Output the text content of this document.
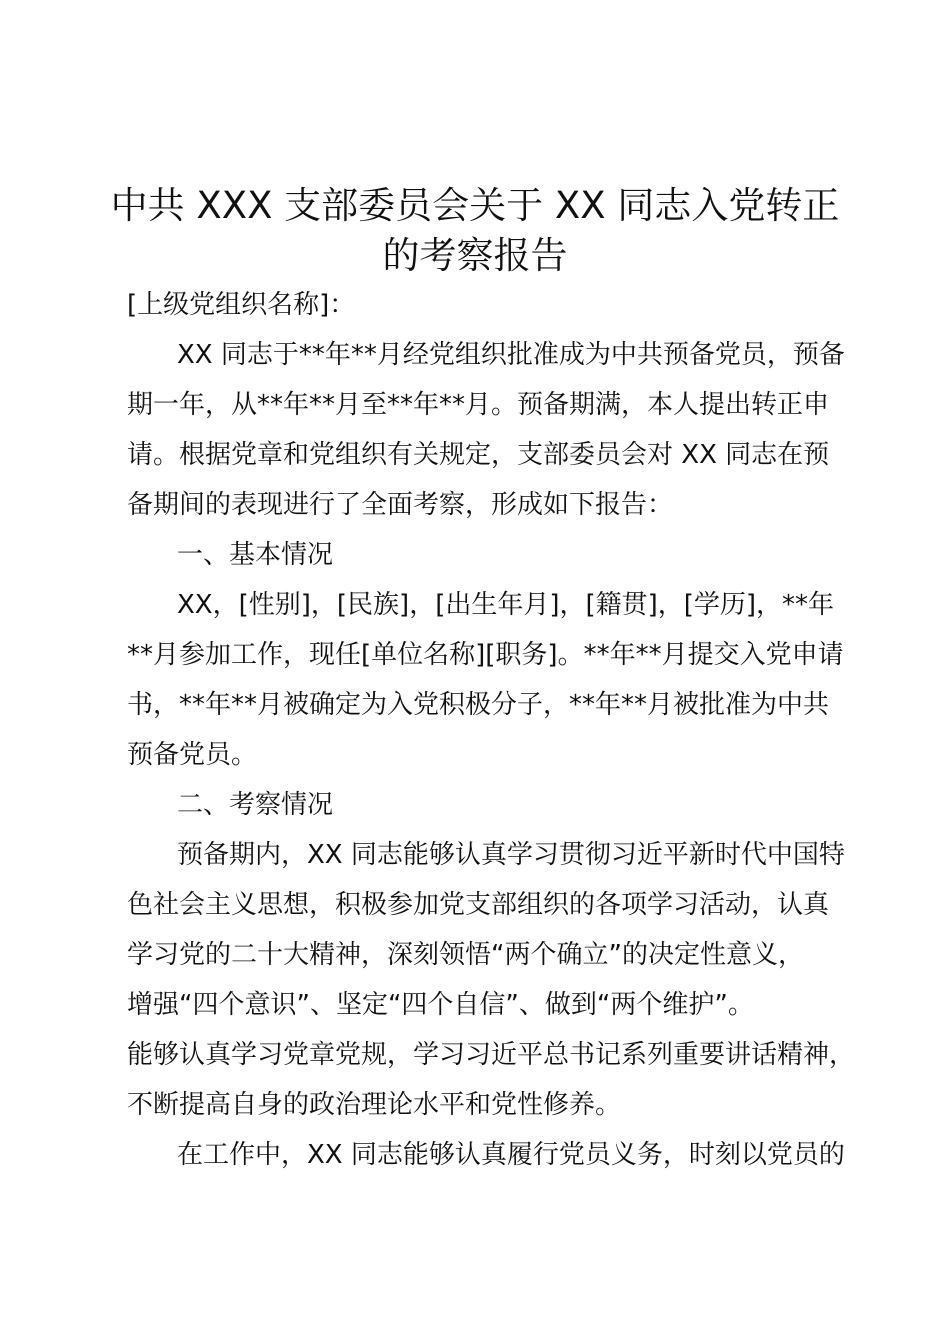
中共 XXX 支部委员会关于 XX 同志入党转正
的考察报告
[上级党组织名称]：
XX 同志于**年**月经党组织批准成为中共预备党员，预备
期一年，从**年**月至**年**月。预备期满，本人提出转正申
请。根据党章和党组织有关规定，支部委员会对 XX 同志在预
备期间的表现进行了全面考察，形成如下报告：
一、基本情况
XX，[性别]，[民族]，[出生年月]，[籍贯]，[学历]，**年
**月参加工作，现任[单位名称][职务]。**年**月提交入党申请
书，**年**月被确定为入党积极分子，**年**月被批准为中共
预备党员。
二、考察情况
预备期内，XX 同志能够认真学习贯彻习近平新时代中国特
色社会主义思想，积极参加党支部组织的各项学习活动，认真
学习党的二十大精神，深刻领悟“两个确立”的决定性意义，
增强“四个意识”、坚定“四个自信”、做到“两个维护”。
能够认真学习党章党规，学习习近平总书记系列重要讲话精神，
不断提高自身的政治理论水平和党性修养。
在工作中，XX 同志能够认真履行党员义务，时刻以党员的
